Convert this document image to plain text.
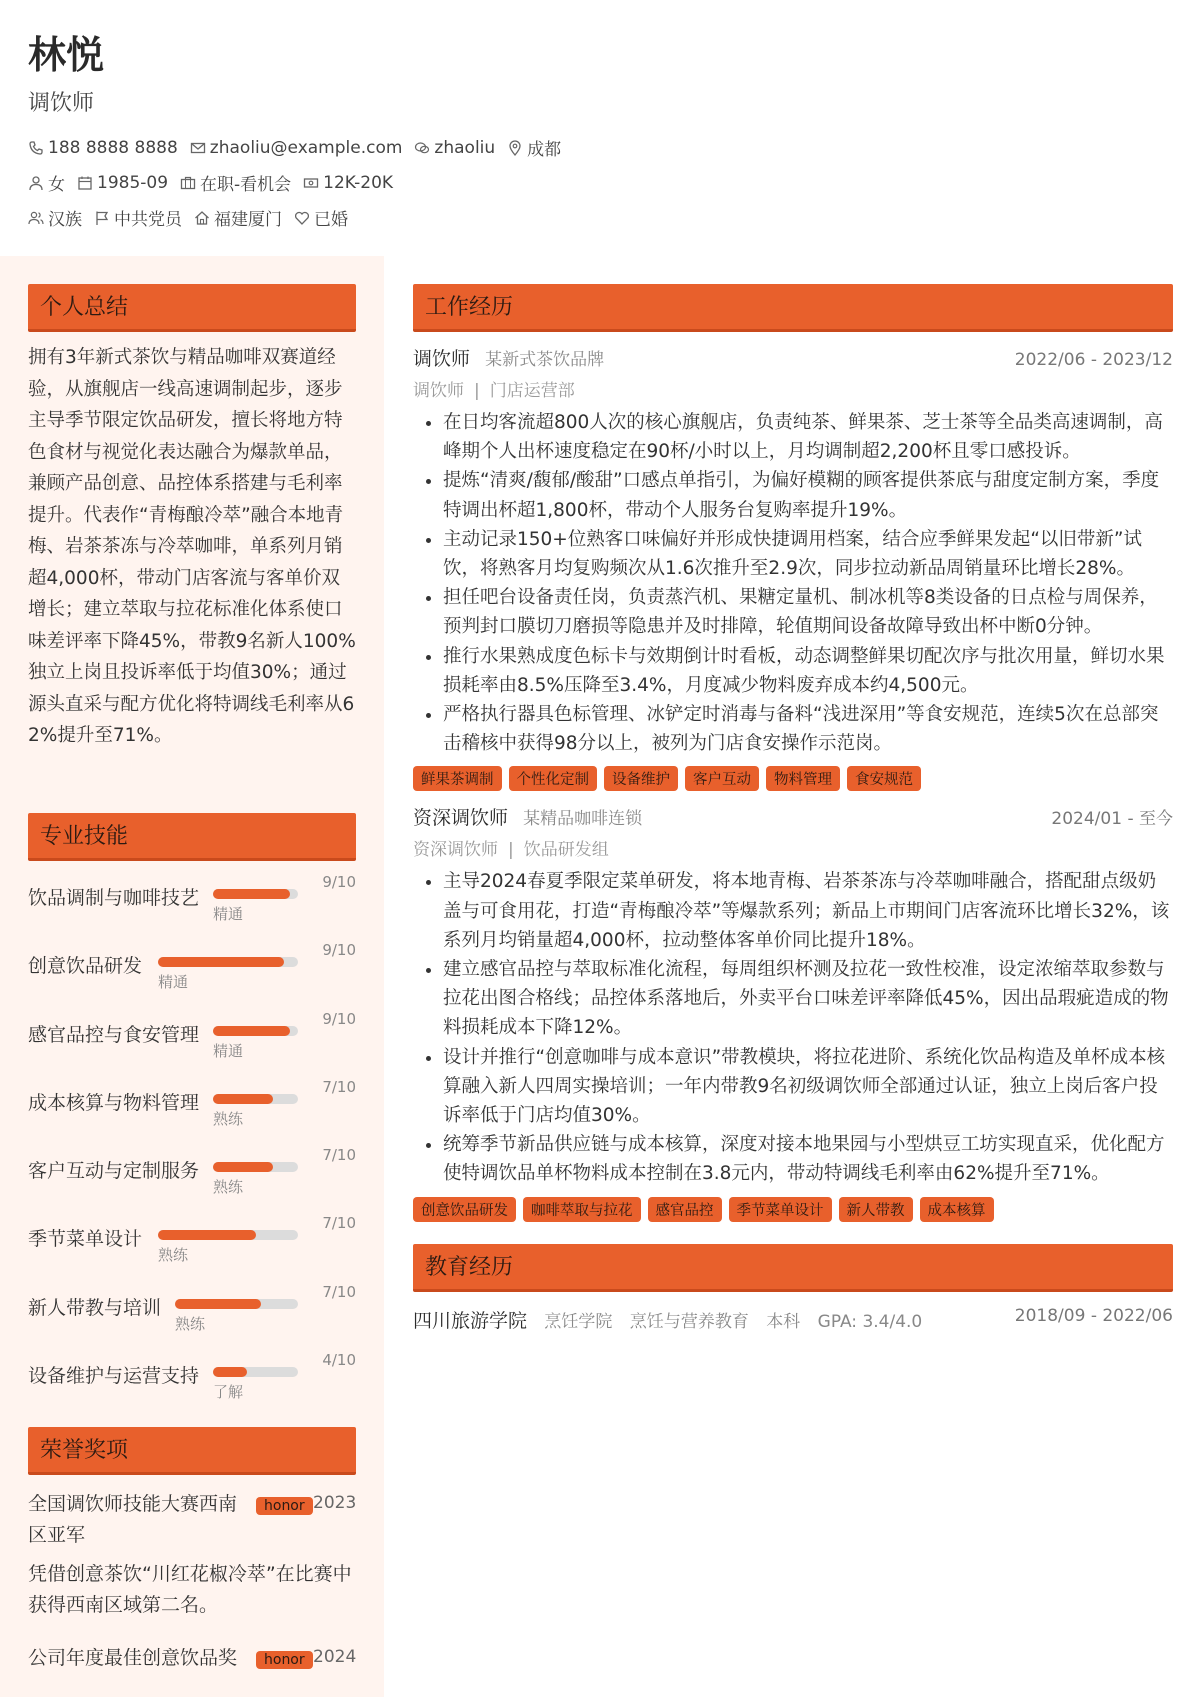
林悦
调饮师
188 8888 8888 zhaoliu@example.com zhaoliu 成都
女 1985-09 在职-看机会 12K-20K
汉族 中共党员 福建厦门 已婚
个人总结
拥有3年新式茶饮与精品咖啡双赛道经验，从旗舰店一线高速调制起步，逐步主导季节限定饮品研发，擅长将地方特色食材与视觉化表达融合为爆款单品，兼顾产品创意、品控体系搭建与毛利率提升。代表作“青梅酿冷萃”融合本地青梅、岩茶茶冻与冷萃咖啡，单系列月销超4,000杯，带动门店客流与客单价双增长；建立萃取与拉花标准化体系使口味差评率下降45%，带教9名新人100%独立上岗且投诉率低于均值30%；通过源头直采与配方优化将特调线毛利率从62%提升至71%。
专业技能
饮品调制与咖啡技艺
9/10
精通
创意饮品研发
9/10
精通
感官品控与食安管理
9/10
精通
成本核算与物料管理
7/10
熟练
客户互动与定制服务
7/10
熟练
季节菜单设计
7/10
熟练
新人带教与培训
7/10
熟练
设备维护与运营支持
4/10
了解
荣誉奖项
全国调饮师技能大赛西南区亚军
honor 2023
凭借创意茶饮“川红花椒冷萃”在比赛中获得西南区域第二名。
公司年度最佳创意饮品奖	honor 2024
工作经历
调饮师 某新式茶饮品牌	2022/06 - 2023/12
调饮师 | 门店运营部
• 在日均客流超800人次的核心旗舰店，负责纯茶、鲜果茶、芝士茶等全品类高速调制，高峰期个人出杯速度稳定在90杯/小时以上，月均调制超2,200杯且零口感投诉。
• 提炼“清爽/馥郁/酸甜”口感点单指引，为偏好模糊的顾客提供茶底与甜度定制方案，季度特调出杯超1,800杯，带动个人服务台复购率提升19%。
• 主动记录150+位熟客口味偏好并形成快捷调用档案，结合应季鲜果发起“以旧带新”试饮，将熟客月均复购频次从1.6次推升至2.9次，同步拉动新品周销量环比增长28%。
• 担任吧台设备责任岗，负责蒸汽机、果糖定量机、制冰机等8类设备的日点检与周保养，预判封口膜切刀磨损等隐患并及时排障，轮值期间设备故障导致出杯中断0分钟。
• 推行水果熟成度色标卡与效期倒计时看板，动态调整鲜果切配次序与批次用量，鲜切水果损耗率由8.5%压降至3.4%，月度减少物料废弃成本约4,500元。
• 严格执行器具色标管理、冰铲定时消毒与备料“浅进深用”等食安规范，连续5次在总部突击稽核中获得98分以上，被列为门店食安操作示范岗。
鲜果茶调制	个性化定制	设备维护	客户互动	物料管理	食安规范
资深调饮师 某精品咖啡连锁	2024/01 - 至今
资深调饮师 | 饮品研发组
• 主导2024春夏季限定菜单研发，将本地青梅、岩茶茶冻与冷萃咖啡融合，搭配甜点级奶盖与可食用花，打造“青梅酿冷萃”等爆款系列；新品上市期间门店客流环比增长32%，该系列月均销量超4,000杯，拉动整体客单价同比提升18%。
• 建立感官品控与萃取标准化流程，每周组织杯测及拉花一致性校准，设定浓缩萃取参数与拉花出图合格线；品控体系落地后，外卖平台口味差评率降低45%，因出品瑕疵造成的物料损耗成本下降12%。
• 设计并推行“创意咖啡与成本意识”带教模块，将拉花进阶、系统化饮品构造及单杯成本核算融入新人四周实操培训；一年内带教9名初级调饮师全部通过认证，独立上岗后客户投诉率低于门店均值30%。
• 统筹季节新品供应链与成本核算，深度对接本地果园与小型烘豆工坊实现直采，优化配方使特调饮品单杯物料成本控制在3.8元内，带动特调线毛利率由62%提升至71%。
创意饮品研发	咖啡萃取与拉花	感官品控	季节菜单设计	新人带教	成本核算
教育经历
四川旅游学院 烹饪学院 烹饪与营养教育 本科 GPA: 3.4/4.0	2018/09 - 2022/06
